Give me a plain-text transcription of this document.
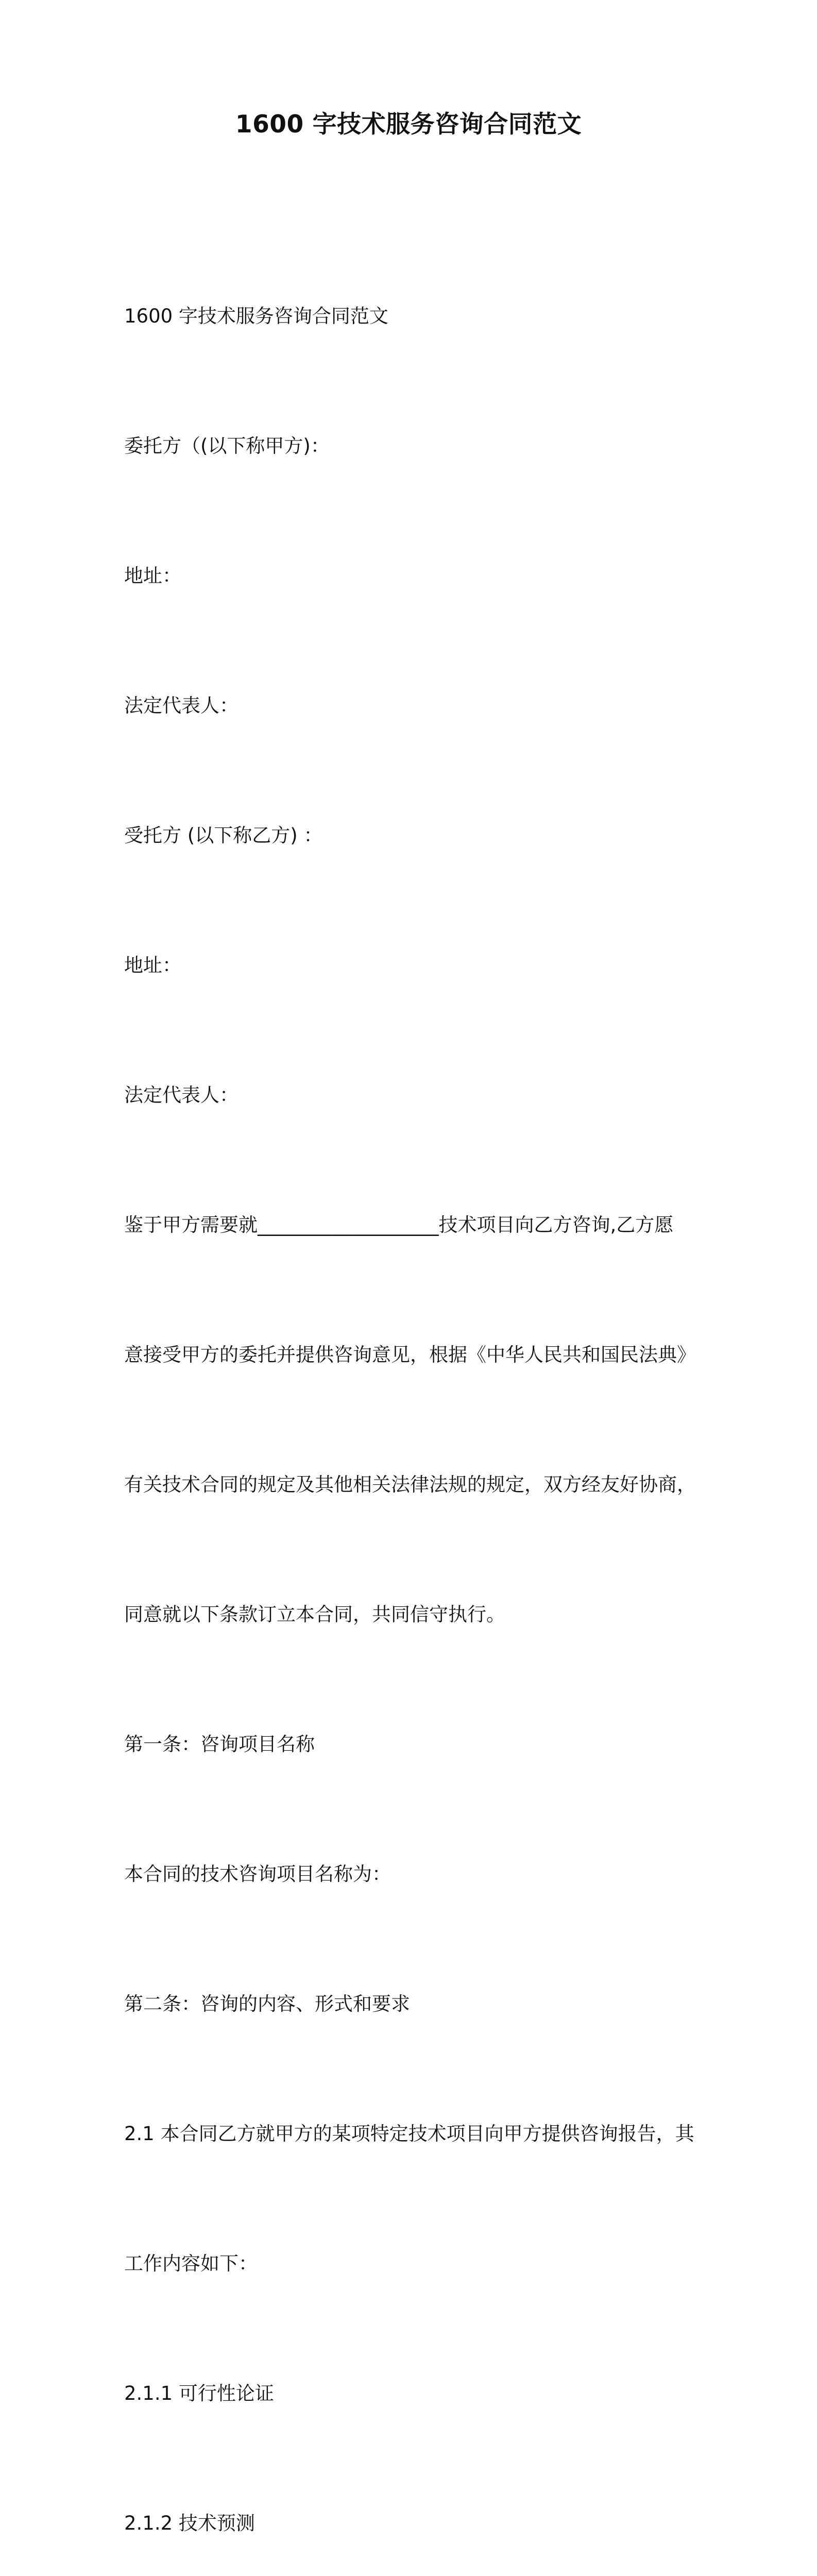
1600 字技术服务咨询合同范文

1600 字技术服务咨询合同范文

委托方（(以下称甲方)：

地址：

法定代表人：

受托方 (以下称乙方) ：

地址：

法定代表人：

鉴于甲方需要就___________________技术项目向乙方咨询,乙方愿

意接受甲方的委托并提供咨询意见，根据《中华人民共和国民法典》

有关技术合同的规定及其他相关法律法规的规定，双方经友好协商，

同意就以下条款订立本合同，共同信守执行。

第一条：咨询项目名称

本合同的技术咨询项目名称为：

第二条：咨询的内容、形式和要求

2.1 本合同乙方就甲方的某项特定技术项目向甲方提供咨询报告，其

工作内容如下：

2.1.1 可行性论证

2.1.2 技术预测
